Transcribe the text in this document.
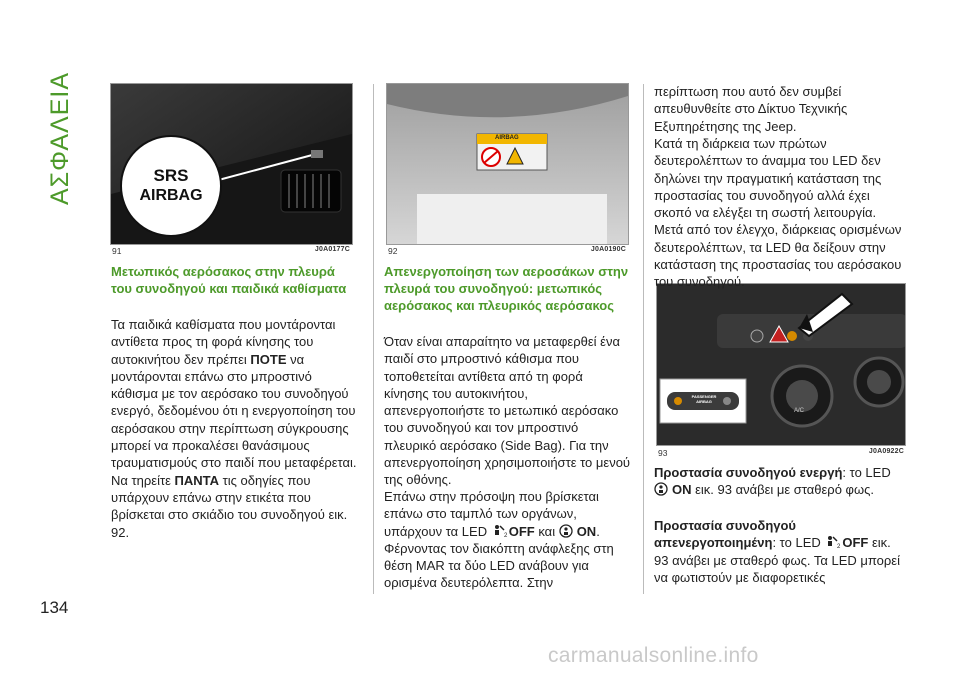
ΑΣΦΑΛΕΙΑ
134
SRS
AIRBAG
91	J0A0177C
AIRBAG
92	J0A0190C
PASSENGER
AIRBAG
A/C
93	J0A0922C
Μετωπικός αερόσακος στην πλευρά του συνοδηγού και παιδικά καθίσματα
Τα παιδικά καθίσματα που μοντάρονται αντίθετα προς τη φορά κίνησης του αυτοκινήτου δεν πρέπει ΠΟΤΕ να μοντάρονται επάνω στο μπροστινό κάθισμα με τον αερόσακο του συνοδηγού ενεργό, δεδομένου ότι η ενεργοποίηση του αερόσακου στην περίπτωση σύγκρουσης μπορεί να προκαλέσει θανάσιμους τραυματισμούς στο παιδί που μεταφέρεται. Να τηρείτε ΠΑΝΤΑ τις οδηγίες που υπάρχουν επάνω στην ετικέτα που βρίσκεται στο σκιάδιο του συνοδηγού εικ. 92.
Απενεργοποίηση των αεροσάκων στην πλευρά του συνοδηγού: μετωπικός αερόσακος και πλευρικός αερόσακος
Όταν είναι απαραίτητο να μεταφερθεί ένα παιδί στο μπροστινό κάθισμα που τοποθετείται αντίθετα από τη φορά κίνησης του αυτοκινήτου, απενεργοποιήστε το μετωπικό αερόσακο του συνοδηγού και τον μπροστινό πλευρικό αερόσακο (Side Bag). Για την απενεργοποίηση χρησιμοποιήστε το μενού της οθόνης.
Επάνω στην πρόσοψη που βρίσκεται επάνω στο ταμπλό των οργάνων, υπάρχουν τα LED 2 OFF και ON. Φέρνοντας τον διακόπτη ανάφλεξης στη θέση MAR τα δύο LED ανάβουν για ορισμένα δευτερόλεπτα. Στην
περίπτωση που αυτό δεν συμβεί απευθυνθείτε στο Δίκτυο Τεχνικής Εξυπηρέτησης της Jeep.
Κατά τη διάρκεια των πρώτων δευτερολέπτων το άναμμα του LED δεν δηλώνει την πραγματική κατάσταση της προστασίας του συνοδηγού αλλά έχει σκοπό να ελέγξει τη σωστή λειτουργία. Μετά από τον έλεγχο, διάρκειας ορισμένων δευτερολέπτων, τα LED θα δείξουν στην κατάσταση της προστασίας του αερόσακου του συνοδηγού.
Προστασία συνοδηγού ενεργή: το LED ON εικ. 93 ανάβει με σταθερό φως.
Προστασία συνοδηγού απενεργοποιημένη: το LED 2 OFF εικ. 93 ανάβει με σταθερό φως. Τα LED μπορεί να φωτιστούν με διαφορετικές
carmanualsonline.info
